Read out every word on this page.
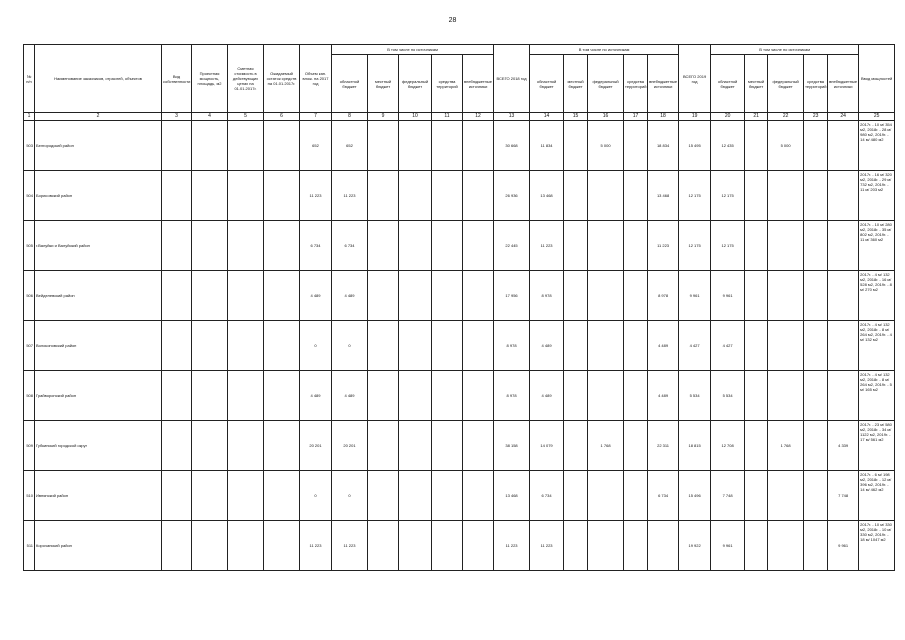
28
№ п/п	Наименование заказчиков, отраслей, объектов	Вид собственности	Проектная мощность, площадь, м2	Сметная стоимость в действующих ценах на 01.01.2017г.	Ожидаемый остаток средств на 01.01.2017г.	Объем кап. влож. на 2017 год	В том числе по источникам					ВСЕГО 2018 год	В том числе по источникам					ВСЕГО 2019 год	В том числе по источникам					Ввод мощностей
							областной бюджет	местный бюджет	федеральный бюджет	средства территорий	внебюджетные источники		областной бюджет	местный бюджет	федеральный бюджет	средства территорий	внебюджетные источники		областной бюджет	местный бюджет	федеральный бюджет	средства территорий	внебюджетные источники	
1	2	3	4	5	6	7	8	9	10	11	12	13	14	15	16	17	18	19	20	21	22	23	24	25
503	Белгородский район					652	652					30 668	11 834		5 000		18 834	15 495	12 435		5 000			2017г. - 10 м/ 354 м2, 2018г. - 28 м/ 980 м2, 2019г. - 14 м/ 480 м2
504	Борисовский район					11 223	11 223					26 936	13 468				13 468	12 175	12 175					2017г. - 16 м/ 320 м2, 2018г. - 29 м/ 732 м2, 2019г. - 11 м/ 203 м2
505	г.Валуйки и Валуйский район					6 734	6 734					22 445	11 223				11 223	12 175	12 175					2017г. - 10 м/ 280 м2, 2018г. - 35 м/ 802 м2, 2019г. - 11 м/ 360 м2
506	Вейделевский район					4 489	4 489					17 956	8 978				8 978	9 961	9 961					2017г. - 4 м/ 132 м2, 2018г. - 16 м/ 528 м2, 2019г. - 8 м/ 270 м2
507	Волоконовский район					0	0					8 978	4 489				4 489	4 427	4 427					2017г. - 4 м/ 132 м2, 2018г. - 8 м/ 264 м2, 2019г. - 4 м/ 132 м2
508	Грайворонский район					4 489	4 489					8 978	4 489				4 489	5 534	5 534					2017г. - 4 м/ 132 м2, 2018г. - 8 м/ 264 м2, 2019г. - 5 м/ 165 м2
509	Губкинский городской округ					20 201	20 201					38 158	14 079		1 768		22 311	18 815	12 708		1 768		4 339	2017г. - 23 м/ 580 м2, 2018г. - 34 м/ 1122 м2, 2019г. - 17 м/ 561 м2
510	Ивнянский район					0	0					13 468	6 734				6 734	15 496	7 748				7 748	2017г. - 6 м/ 198 м2, 2018г. - 12 м/ 396 м2, 2019г. - 14 м/ 462 м2
511	Корочанский район					11 223	11 223					11 223	11 223					19 922	9 961				9 961	2017г. - 10 м/ 330 м2, 2018г. - 10 м/ 330 м2, 2019г. - 18 м/ 1047 м2
